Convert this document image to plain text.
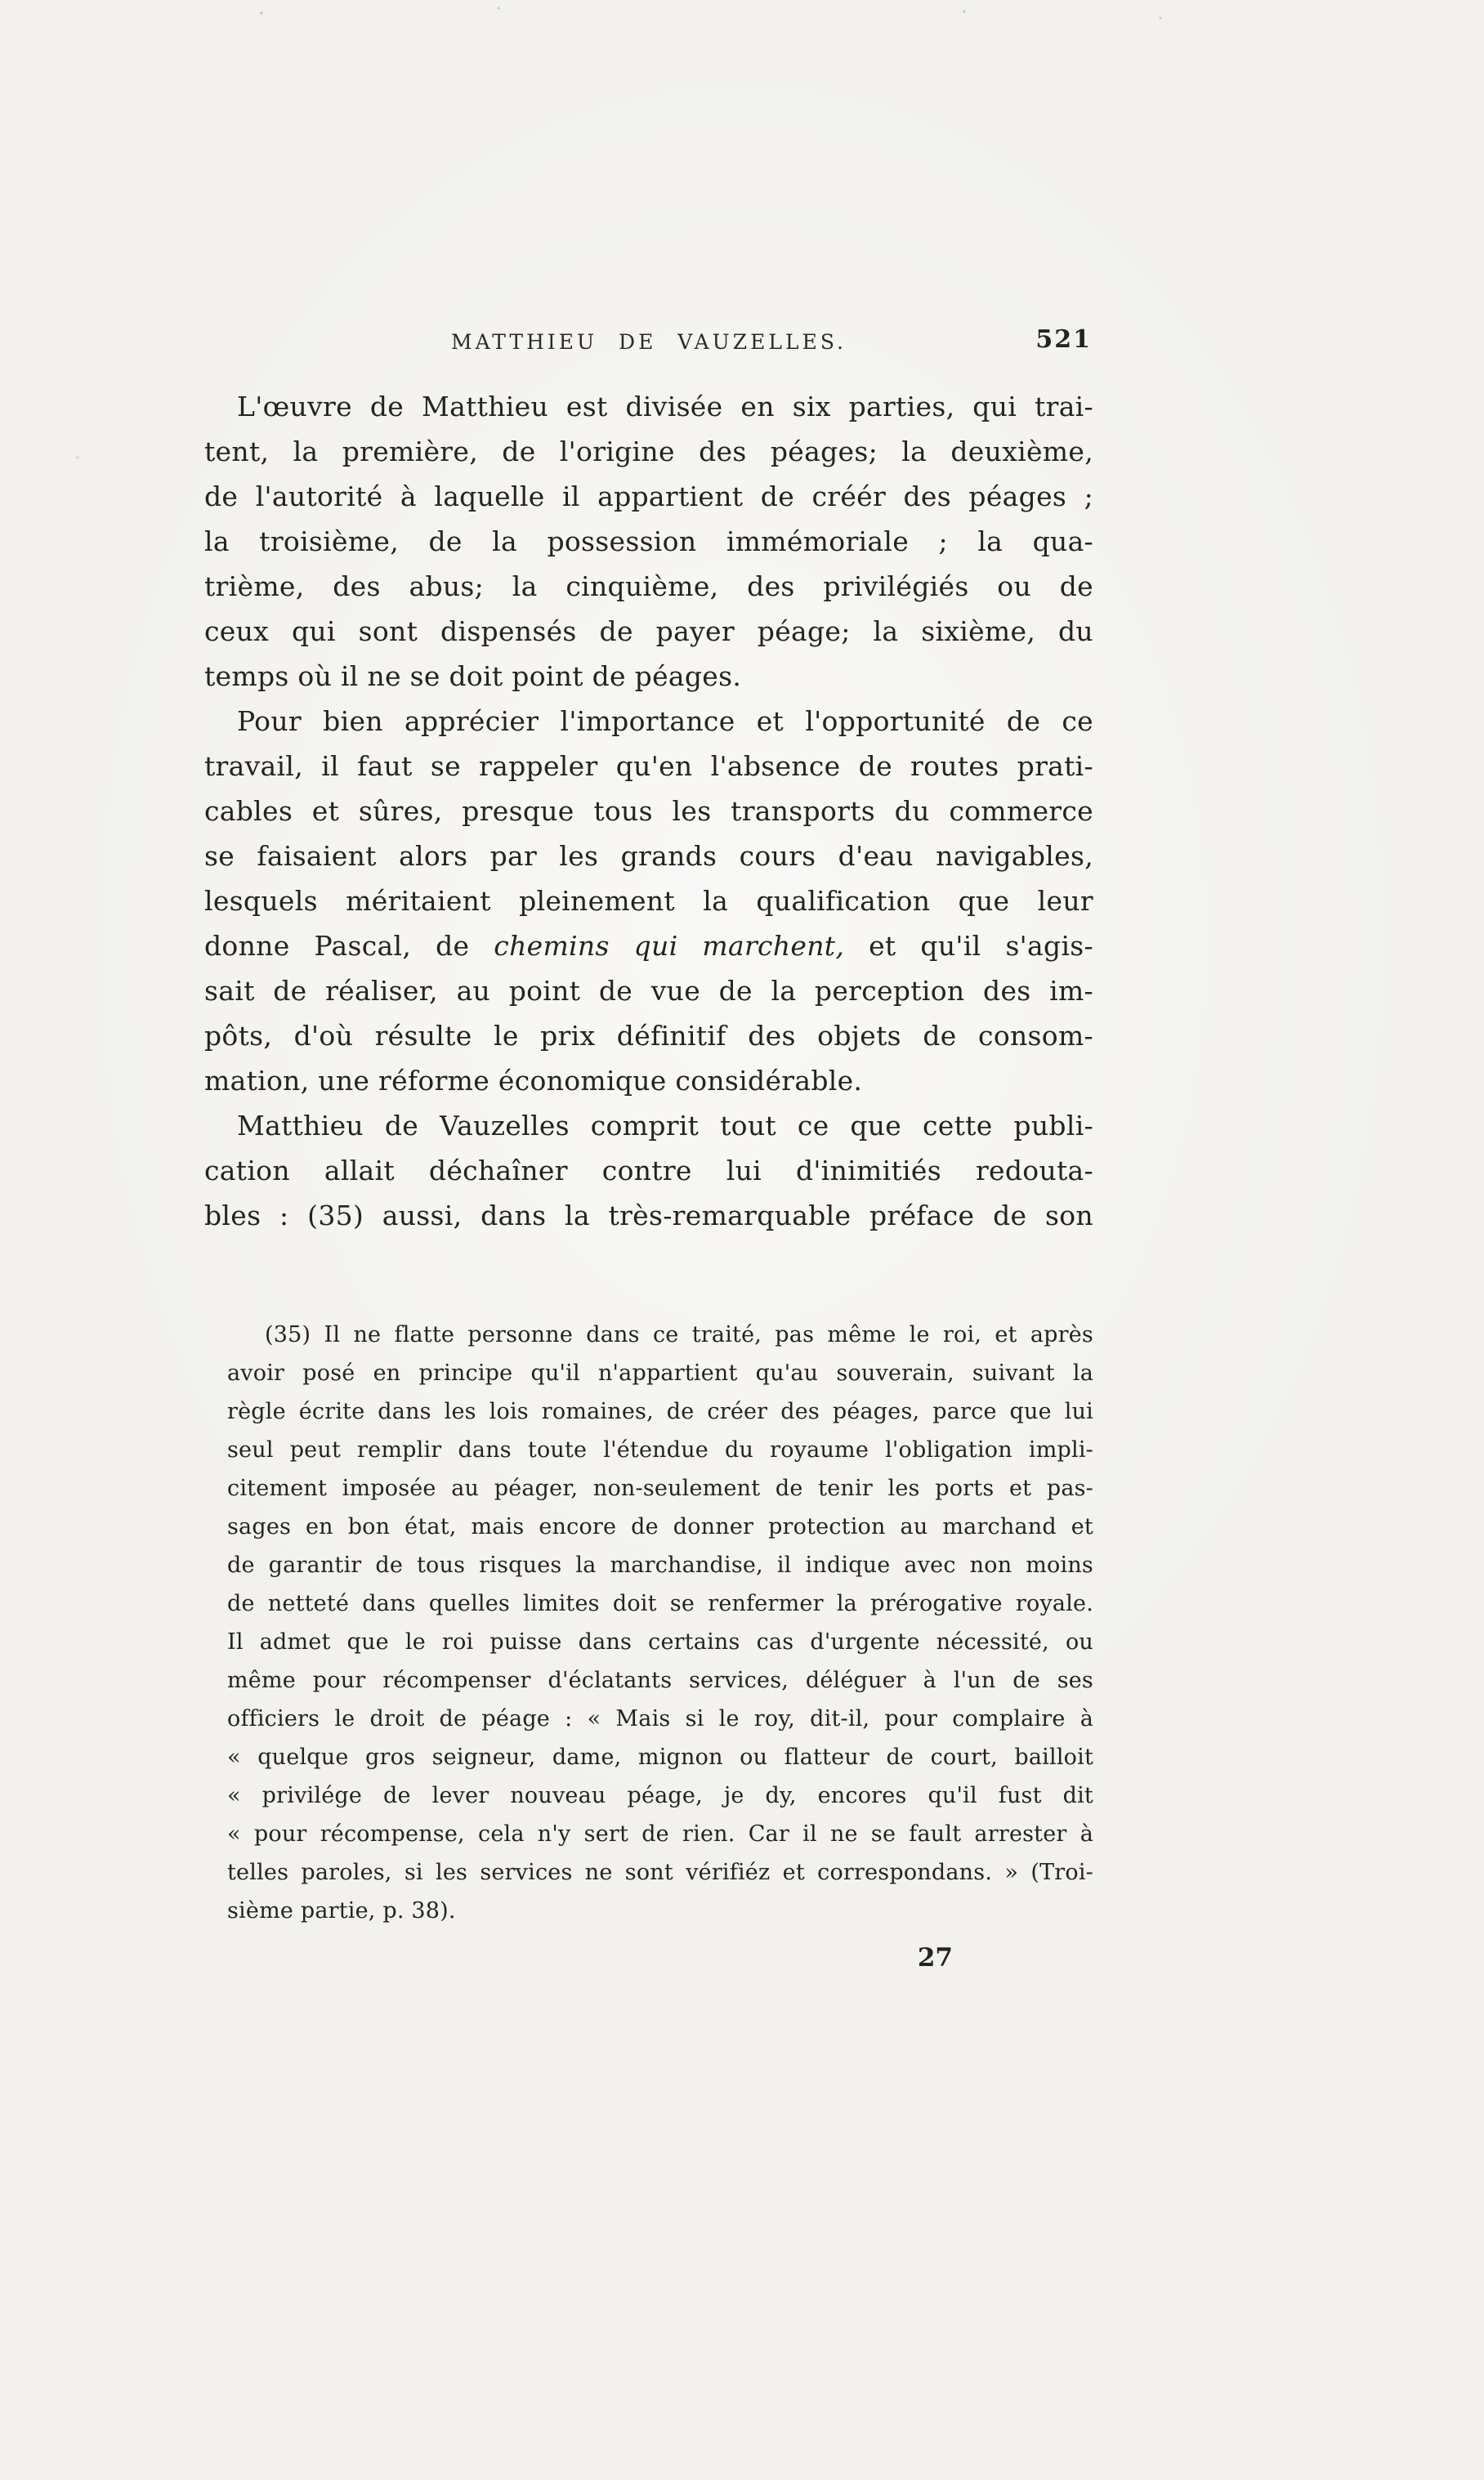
MATTHIEU DE VAUZELLES.	521
L'œuvre de Matthieu est divisée en six parties, qui trai-
tent, la première, de l'origine des péages; la deuxième,
de l'autorité à laquelle il appartient de créér des péages ;
la troisième, de la possession immémoriale ; la qua-
trième, des abus; la cinquième, des privilégiés ou de
ceux qui sont dispensés de payer péage; la sixième, du
temps où il ne se doit point de péages.
Pour bien apprécier l'importance et l'opportunité de ce
travail, il faut se rappeler qu'en l'absence de routes prati-
cables et sûres, presque tous les transports du commerce
se faisaient alors par les grands cours d'eau navigables,
lesquels méritaient pleinement la qualification que leur
donne Pascal, de chemins qui marchent, et qu'il s'agis-
sait de réaliser, au point de vue de la perception des im-
pôts, d'où résulte le prix définitif des objets de consom-
mation, une réforme économique considérable.
Matthieu de Vauzelles comprit tout ce que cette publi-
cation allait déchaîner contre lui d'inimitiés redouta-
bles : (35) aussi, dans la très-remarquable préface de son
(35) Il ne flatte personne dans ce traité, pas même le roi, et après
avoir posé en principe qu'il n'appartient qu'au souverain, suivant la
règle écrite dans les lois romaines, de créer des péages, parce que lui
seul peut remplir dans toute l'étendue du royaume l'obligation impli-
citement imposée au péager, non-seulement de tenir les ports et pas-
sages en bon état, mais encore de donner protection au marchand et
de garantir de tous risques la marchandise, il indique avec non moins
de netteté dans quelles limites doit se renfermer la prérogative royale.
Il admet que le roi puisse dans certains cas d'urgente nécessité, ou
même pour récompenser d'éclatants services, déléguer à l'un de ses
officiers le droit de péage : « Mais si le roy, dit-il, pour complaire à
« quelque gros seigneur, dame, mignon ou flatteur de court, bailloit
« privilége de lever nouveau péage, je dy, encores qu'il fust dit
« pour récompense, cela n'y sert de rien. Car il ne se fault arrester à
telles paroles, si les services ne sont vérifiéz et correspondans. » (Troi-
sième partie, p. 38).
27
